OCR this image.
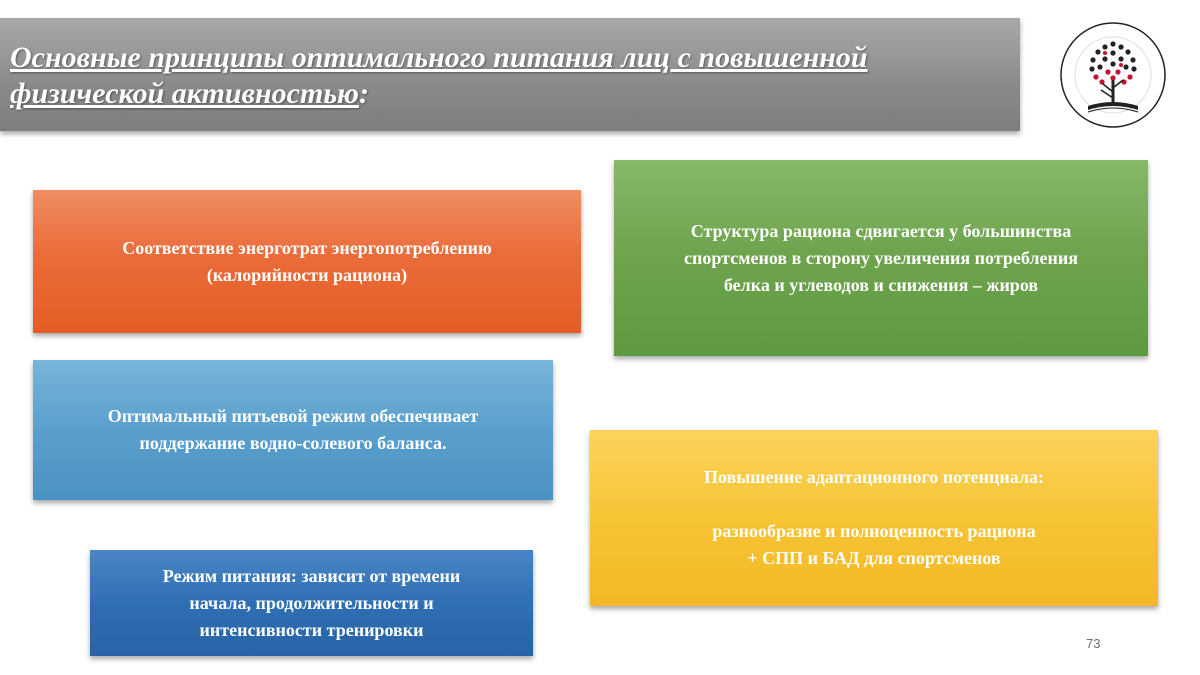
Основные принципы оптимального питания лиц с повышенной
физической активностью:
Соответствие энерготрат энергопотреблению
(калорийности рациона)
Структура рациона сдвигается у большинства
спортсменов в сторону увеличения потребления
белка и углеводов и снижения – жиров
Оптимальный питьевой режим обеспечивает
поддержание водно-солевого баланса.
Повышение адаптационного потенциала:
разнообразие и полноценность рациона
+ СПП и БАД для спортсменов
Режим питания: зависит от времени
начала, продолжительности и
интенсивности тренировки
73
